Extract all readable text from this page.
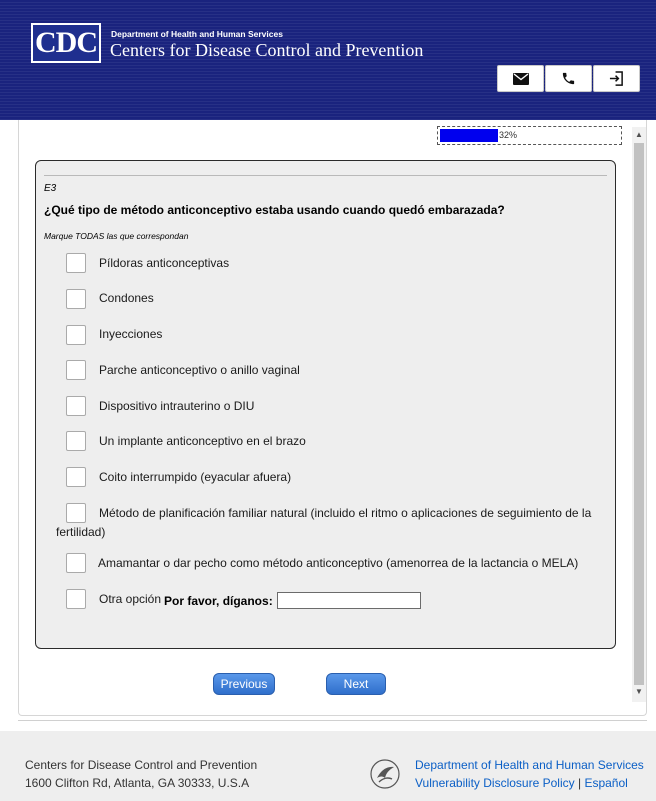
CDC	Department of Health and Human Services
Centers for Disease Control and Prevention
32%	▲
▼
E3
¿Qué tipo de método anticonceptivo estaba usando cuando quedó embarazada?
Marque TODAS las que correspondan
Píldoras anticonceptivas
Condones
Inyecciones
Parche anticonceptivo o anillo vaginal
Dispositivo intrauterino o DIU
Un implante anticonceptivo en el brazo
Coito interrumpido (eyacular afuera)
Método de planificación familiar natural (incluido el ritmo o aplicaciones de seguimiento de la
fertilidad)
Amamantar o dar pecho como método anticonceptivo (amenorrea de la lactancia o MELA)
Otra opción Por favor, díganos:
Previous	Next
Centers for Disease Control and Prevention
1600 Clifton Rd, Atlanta, GA 30333, U.S.A
Department of Health and Human Services
Vulnerability Disclosure Policy | Español
